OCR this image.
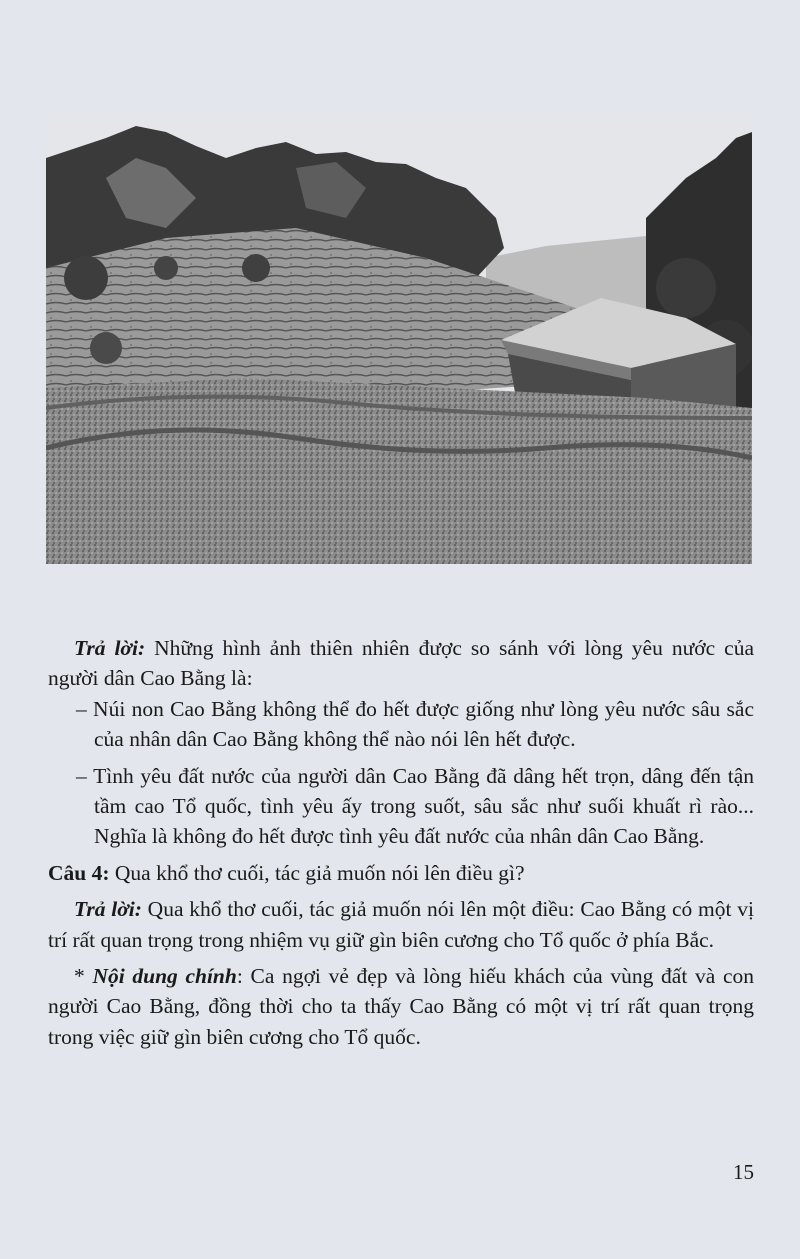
Trả lời: Những hình ảnh thiên nhiên được so sánh với lòng yêu nước của người dân Cao Bằng là:

– Núi non Cao Bằng không thể đo hết được giống như lòng yêu nước sâu sắc của nhân dân Cao Bằng không thể nào nói lên hết được.

– Tình yêu đất nước của người dân Cao Bằng đã dâng hết trọn, dâng đến tận tầm cao Tổ quốc, tình yêu ấy trong suốt, sâu sắc như suối khuất rì rào... Nghĩa là không đo hết được tình yêu đất nước của nhân dân Cao Bằng.

Câu 4: Qua khổ thơ cuối, tác giả muốn nói lên điều gì?

Trả lời: Qua khổ thơ cuối, tác giả muốn nói lên một điều: Cao Bằng có một vị trí rất quan trọng trong nhiệm vụ giữ gìn biên cương cho Tổ quốc ở phía Bắc.

* Nội dung chính: Ca ngợi vẻ đẹp và lòng hiếu khách của vùng đất và con người Cao Bằng, đồng thời cho ta thấy Cao Bằng có một vị trí rất quan trọng trong việc giữ gìn biên cương cho Tổ quốc.

15
